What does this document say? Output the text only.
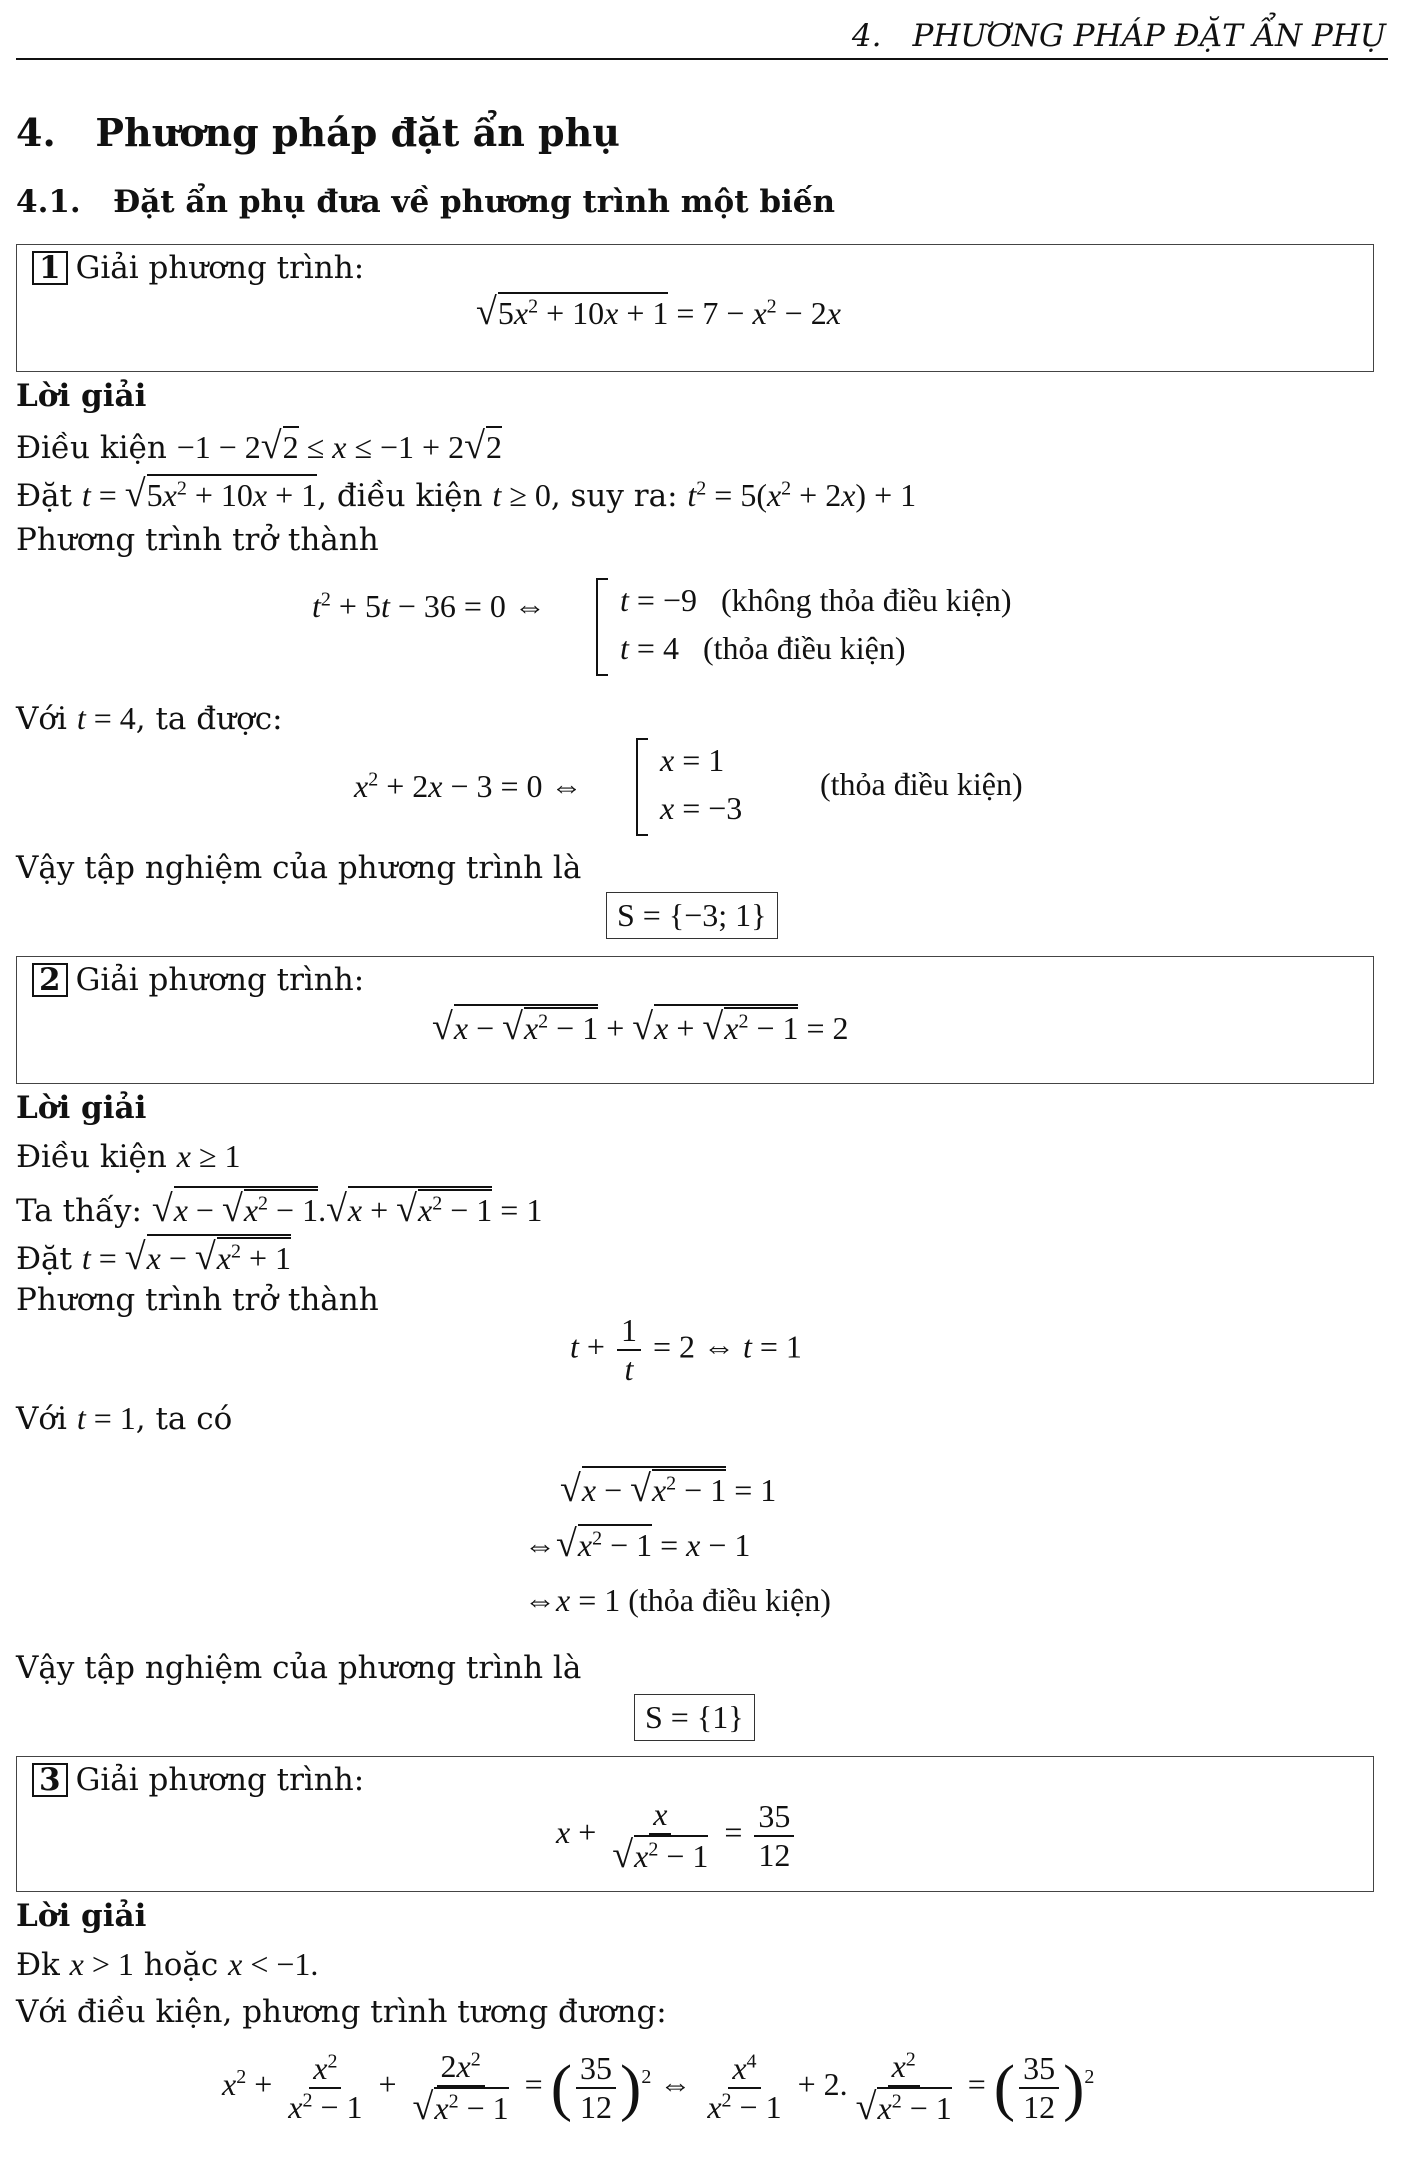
4. PHƯƠNG PHÁP ĐẶT ẨN PHỤ
4. Phương pháp đặt ẩn phụ
4.1. Đặt ẩn phụ đưa về phương trình một biến
1 Giải phương trình:
$√5x^2 + 10x + 1 = 7 - x^2 - 2x$
Lời giải
Điều kiện −1 − 2√2 ≤ x ≤ −1 + 2√2
Đặt $t = √5x^2 + 10x + 1$, điều kiện t ≥ 0, suy ra: $t^2 = 5(x^2 + 2x) + 1$
Phương trình trở thành
$t^2 + 5t - 36 = 0$ ⇔ t = −9   (không thỏa điều kiện)
t = 4   (thỏa điều kiện)
Với t = 4, ta được:
$x^2 + 2x - 3 = 0$ ⇔
x = 1
x = −3
(thỏa điều kiện)
Vậy tập nghiệm của phương trình là
S = {−3; 1}
2 Giải phương trình:
$√x - √x^2 - 1 + √x + √x^2 - 1 = 2$
Lời giải
Điều kiện x ≥ 1
Ta thấy: $√x - √x^2 - 1.√x + √x^2 - 1 = 1$
Đặt $t = √x - √x^2 + 1$
Phương trình trở thành
$t + \frac{1}{t} = 2$ ⇔ t = 1
Với t = 1, ta có
$√x - √x^2 - 1 = 1$
$\Leftrightarrow√x^2 - 1 = x - 1$
⇔x = 1 (thỏa điều kiện)
Vậy tập nghiệm của phương trình là
S = {1}
3 Giải phương trình:
$x + \frac{x}{√x^2 - 1} = \frac{35}{12}$
Lời giải
Đk x > 1 hoặc x < −1.
Với điều kiện, phương trình tương đương:
$x^2 + \frac{x^2}{x^2 - 1} + \frac{2x^2}{√x^2 - 1}$ = ( $\frac{35}{12} )^2$ ⇔ $\frac{x^4}{x^2 - 1} + 2$. $\frac{x^2}{√x^2 - 1}$ = ( $\frac{35}{12} )^2$
